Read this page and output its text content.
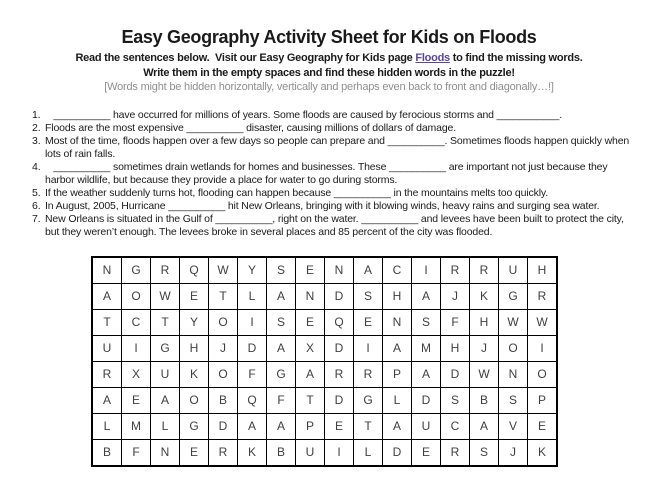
Easy Geography Activity Sheet for Kids on Floods
Read the sentences below.  Visit our Easy Geography for Kids page Floods to find the missing words.
Write them in the empty spaces and find these hidden words in the puzzle!
[Words might be hidden horizontally, vertically and perhaps even back to front and diagonally…!]
1. __________ have occurred for millions of years. Some floods are caused by ferocious storms and ___________.
2. Floods are the most expensive __________ disaster, causing millions of dollars of damage.
3. Most of the time, floods happen over a few days so people can prepare and __________. Sometimes floods happen quickly when lots of rain falls.
4. __________ sometimes drain wetlands for homes and businesses. These __________ are important not just because they harbor wildlife, but because they provide a place for water to go during storms.
5. If the weather suddenly turns hot, flooding can happen because __________ in the mountains melts too quickly.
6. In August, 2005, Hurricane __________ hit New Orleans, bringing with it blowing winds, heavy rains and surging sea water.
7. New Orleans is situated in the Gulf of __________, right on the water. __________ and levees have been built to protect the city, but they weren’t enough. The levees broke in several places and 85 percent of the city was flooded.
N	G	R	Q	W	Y	S	E	N	A	C	I	R	R	U	H
A	O	W	E	T	L	A	N	D	S	H	A	J	K	G	R
T	C	T	Y	O	I	S	E	Q	E	N	S	F	H	W	W
U	I	G	H	J	D	A	X	D	I	A	M	H	J	O	I
R	X	U	K	O	F	G	A	R	R	P	A	D	W	N	O
A	E	A	O	B	Q	F	T	D	G	L	D	S	B	S	P
L	M	L	G	D	A	A	P	E	T	A	U	C	A	V	E
B	F	N	E	R	K	B	U	I	L	D	E	R	S	J	K
